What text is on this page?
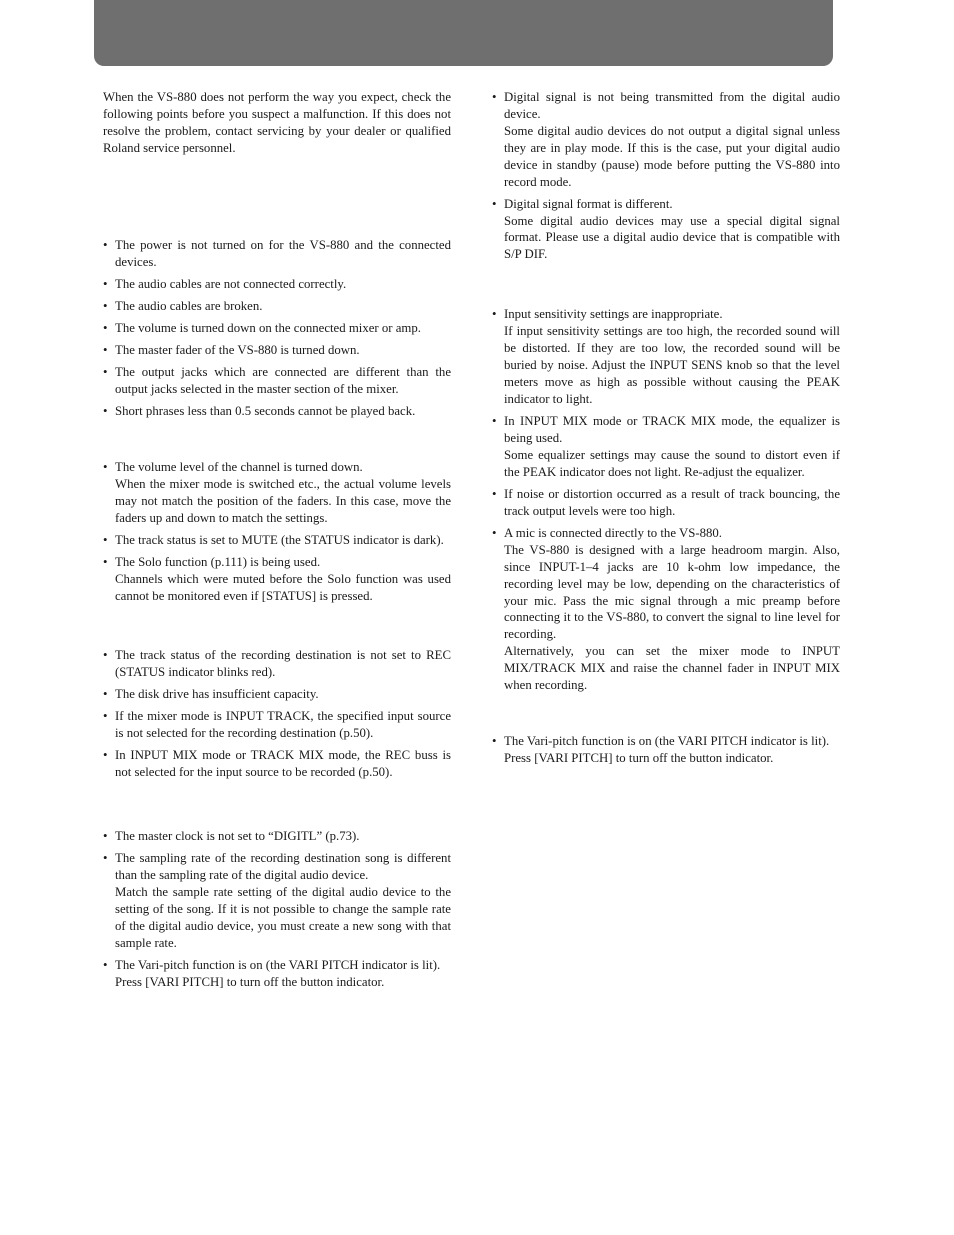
When the VS-880 does not perform the way you expect, check the following points before you suspect a malfunction. If this does not resolve the problem, contact servicing by your dealer or qualified Roland service personnel.

• The power is not turned on for the VS-880 and the connected devices.
• The audio cables are not connected correctly.
• The audio cables are broken.
• The volume is turned down on the connected mixer or amp.
• The master fader of the VS-880 is turned down.
• The output jacks which are connected are different than the output jacks selected in the master section of the mixer.
• Short phrases less than 0.5 seconds cannot be played back.
• The volume level of the channel is turned down.
When the mixer mode is switched etc., the actual volume levels may not match the position of the faders. In this case, move the faders up and down to match the settings.
• The track status is set to MUTE (the STATUS indicator is dark).
• The Solo function (p.111) is being used.
Channels which were muted before the Solo function was used cannot be monitored even if [STATUS] is pressed.
• The track status of the recording destination is not set to REC (STATUS indicator blinks red).
• The disk drive has insufficient capacity.
• If the mixer mode is INPUT TRACK, the specified input source is not selected for the recording destination (p.50).
• In INPUT MIX mode or TRACK MIX mode, the REC buss is not selected for the input source to be recorded (p.50).
• The master clock is not set to “DIGITL” (p.73).
• The sampling rate of the recording destination song is different than the sampling rate of the digital audio device.
Match the sample rate setting of the digital audio device to the setting of the song. If it is not possible to change the sample rate of the digital audio device, you must create a new song with that sample rate.
• The Vari-pitch function is on (the VARI PITCH indicator is lit).
Press [VARI PITCH] to turn off the button indicator.
• Digital signal is not being transmitted from the digital audio device.
Some digital audio devices do not output a digital signal unless they are in play mode. If this is the case, put your digital audio device in standby (pause) mode before putting the VS-880 into record mode.
• Digital signal format is different.
Some digital audio devices may use a special digital signal format. Please use a digital audio device that is compatible with S/P DIF.
• Input sensitivity settings are inappropriate.
If input sensitivity settings are too high, the recorded sound will be distorted. If they are too low, the recorded sound will be buried by noise. Adjust the INPUT SENS knob so that the level meters move as high as possible without causing the PEAK indicator to light.
• In INPUT MIX mode or TRACK MIX mode, the equalizer is being used.
Some equalizer settings may cause the sound to distort even if the PEAK indicator does not light. Re-adjust the equalizer.
• If noise or distortion occurred as a result of track bouncing, the track output levels were too high.
• A mic is connected directly to the VS-880.
The VS-880 is designed with a large headroom margin. Also, since INPUT-1–4 jacks are 10 k-ohm low impedance, the recording level may be low, depending on the characteristics of your mic. Pass the mic signal through a mic preamp before connecting it to the VS-880, to convert the signal to line level for recording.
Alternatively, you can set the mixer mode to INPUT MIX/TRACK MIX and raise the channel fader in INPUT MIX when recording.
• The Vari-pitch function is on (the VARI PITCH indicator is lit).
Press [VARI PITCH] to turn off the button indicator.
